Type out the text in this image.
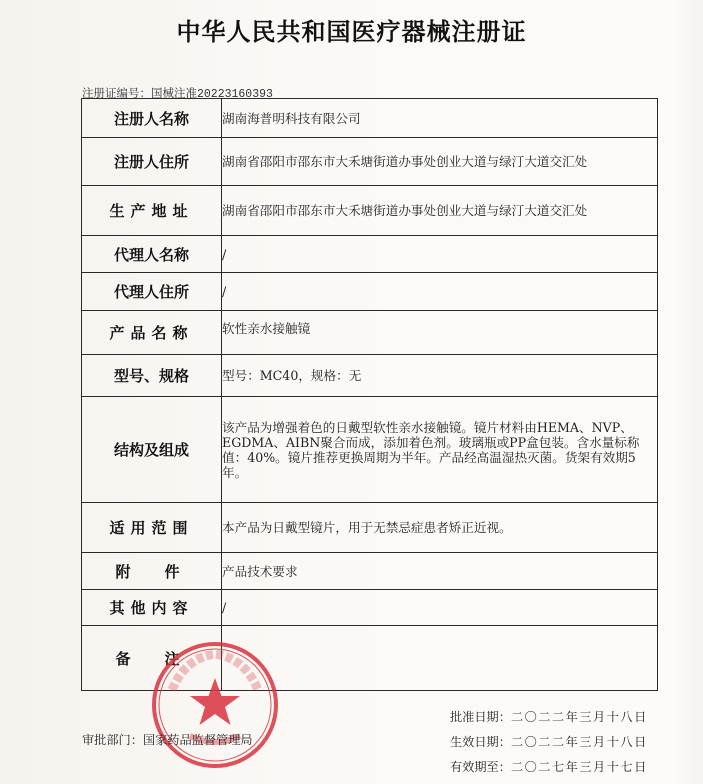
中华人民共和国医疗器械注册证
注册证编号：国械注准20223160393
注册人名称	湖南海普明科技有限公司
注册人住所	湖南省邵阳市邵东市大禾塘街道办事处创业大道与绿汀大道交汇处
生产地址	湖南省邵阳市邵东市大禾塘街道办事处创业大道与绿汀大道交汇处
代理人名称	/
代理人住所	/
产品名称	软性亲水接触镜
型号、规格	型号：MC40，规格：无
结构及组成	该产品为增强着色的日戴型软性亲水接触镜。镜片材料由HEMA、NVP、EGDMA、AIBN聚合而成，添加着色剂。玻璃瓶或PP盒包装。含水量标称值：40%。镜片推荐更换周期为半年。产品经高温湿热灭菌。货架有效期5年。
适用范围	本产品为日戴型镜片，用于无禁忌症患者矫正近视。
附件	产品技术要求
其他内容	/
备注	
审批部门：国家药品监督管理局
批准日期：二〇二二年三月十八日
生效日期：二〇二二年三月十八日
有效期至：二〇二七年三月十七日
